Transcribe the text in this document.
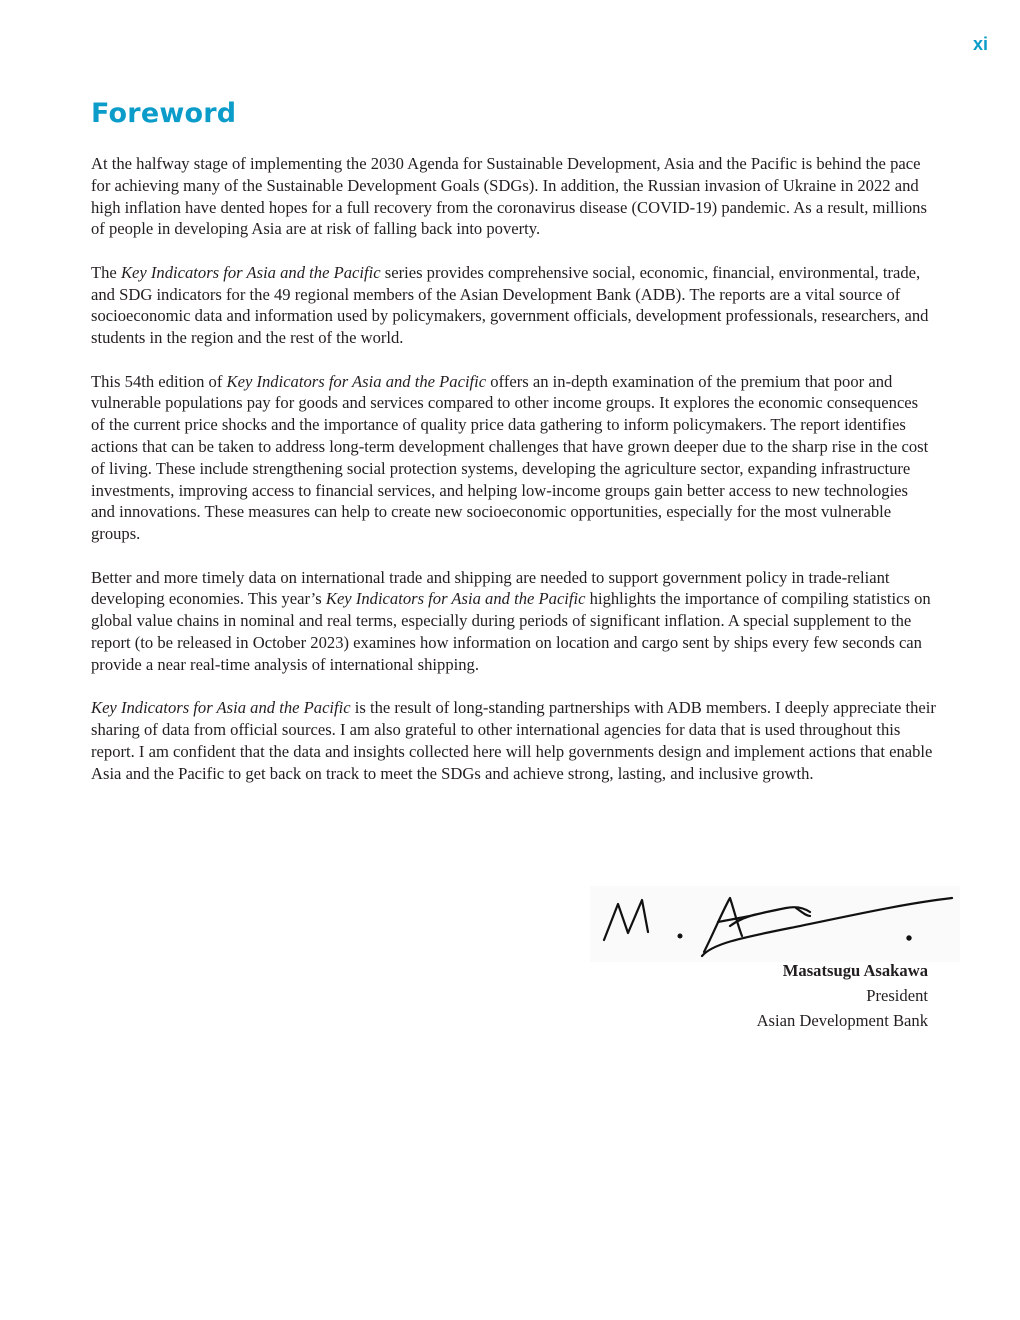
xi
Foreword

At the halfway stage of implementing the 2030 Agenda for Sustainable Development, Asia and the Pacific is behind the pace for achieving many of the Sustainable Development Goals (SDGs). In addition, the Russian invasion of Ukraine in 2022 and high inflation have dented hopes for a full recovery from the coronavirus disease (COVID-19) pandemic. As a result, millions of people in developing Asia are at risk of falling back into poverty.

The Key Indicators for Asia and the Pacific series provides comprehensive social, economic, financial, environmental, trade, and SDG indicators for the 49 regional members of the Asian Development Bank (ADB). The reports are a vital source of socioeconomic data and information used by policymakers, government officials, development professionals, researchers, and students in the region and the rest of the world.

This 54th edition of Key Indicators for Asia and the Pacific offers an in-depth examination of the premium that poor and vulnerable populations pay for goods and services compared to other income groups. It explores the economic consequences of the current price shocks and the importance of quality price data gathering to inform policymakers. The report identifies actions that can be taken to address long-term development challenges that have grown deeper due to the sharp rise in the cost of living. These include strengthening social protection systems, developing the agriculture sector, expanding infrastructure investments, improving access to financial services, and helping low-income groups gain better access to new technologies and innovations. These measures can help to create new socioeconomic opportunities, especially for the most vulnerable groups.

Better and more timely data on international trade and shipping are needed to support government policy in trade-reliant developing economies. This year’s Key Indicators for Asia and the Pacific highlights the importance of compiling statistics on global value chains in nominal and real terms, especially during periods of significant inflation. A special supplement to the report (to be released in October 2023) examines how information on location and cargo sent by ships every few seconds can provide a near real-time analysis of international shipping.

Key Indicators for Asia and the Pacific is the result of long-standing partnerships with ADB members. I deeply appreciate their sharing of data from official sources. I am also grateful to other international agencies for data that is used throughout this report. I am confident that the data and insights collected here will help governments design and implement actions that enable Asia and the Pacific to get back on track to meet the SDGs and achieve strong, lasting, and inclusive growth.

Masatsugu Asakawa
President
Asian Development Bank
